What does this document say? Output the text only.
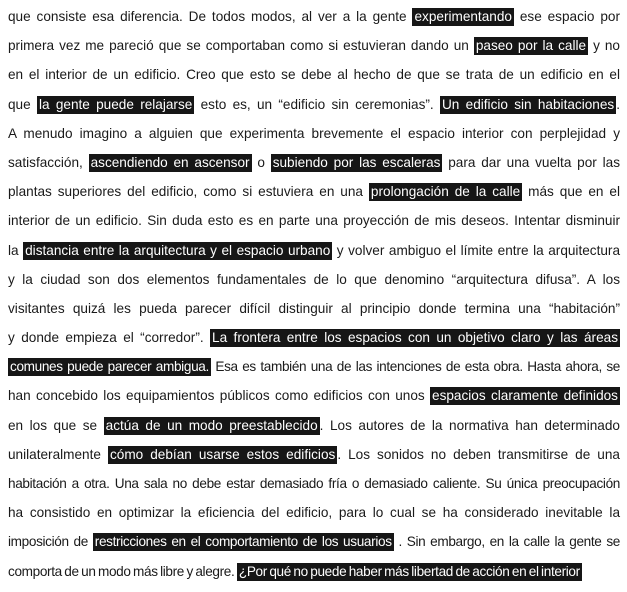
que consiste esa diferencia. De todos modos, al ver a la gente experimentando ese espacio por
primera vez me pareció que se comportaban como si estuvieran dando un paseo por la calle y no
en el interior de un edificio. Creo que esto se debe al hecho de que se trata de un edificio en el
que la gente puede relajarse esto es, un “edificio sin ceremonias”. Un edificio sin habitaciones .
A menudo imagino a alguien que experimenta brevemente el espacio interior con perplejidad y
satisfacción, ascendiendo en ascensor o subiendo por las escaleras para dar una vuelta por las
plantas superiores del edificio, como si estuviera en una prolongación de la calle más que en el
interior de un edificio. Sin duda esto es en parte una proyección de mis deseos. Intentar disminuir
la distancia entre la arquitectura y el espacio urbano y volver ambiguo el límite entre la arquitectura
y la ciudad son dos elementos fundamentales de lo que denomino “arquitectura difusa”. A los
visitantes quizá les pueda parecer difícil distinguir al principio donde termina una “habitación”
y donde empieza el “corredor”. La frontera entre los espacios con un objetivo claro y las áreas
comunes puede parecer ambigua. Esa es también una de las intenciones de esta obra. Hasta ahora, se
han concebido los equipamientos públicos como edificios con unos espacios claramente definidos
en los que se actúa de un modo preestablecido . Los autores de la normativa han determinado
unilateralmente cómo debían usarse estos edificios . Los sonidos no deben transmitirse de una
habitación a otra. Una sala no debe estar demasiado fría o demasiado caliente. Su única preocupación
ha consistido en optimizar la eficiencia del edificio, para lo cual se ha considerado inevitable la
imposición de restricciones en el comportamiento de los usuarios . Sin embargo, en la calle la gente se
comporta de un modo más libre y alegre. ¿Por qué no puede haber más libertad de acción en el interior
